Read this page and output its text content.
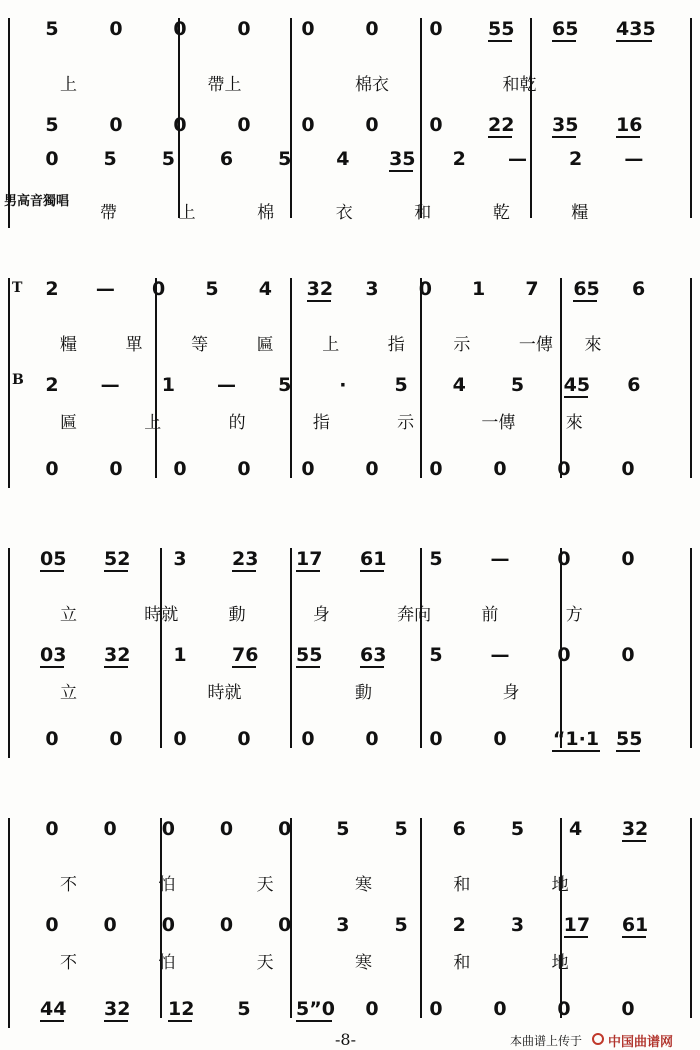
5	0	0	0	0	0	0 55 65 435
上	帶上	棉衣	和乾
5	0	0	0	0	0	0 22 35 16
0 5 5 6 5 4 35 2 — 2 —
帶	上	棉	衣	和	乾	糧
男高音獨唱
T
B
2 — 0 5 4 32 3 0 1 7 65 6
糧	單	等	匾	上	指	示	一傳 來
2 — 1 — 5	·	5 4 5 45 6
匾	上	的	指	示	一傳	來
0	0	0	0	0	0	0	0	0	0
05 52 3 23 17 61 5	—	0	0
立	時就	動	身	奔向	前	方
03 32 1 76 55 63 5	—	0	0
立	時就	動	身
0	0	0	0	0	0	0	0 “1·1 55
0 0 0 0 0 5 5 6 5 4 32
不	怕	天	寒	和	地
0 0 0 0 0 3 5 2 3 17 61
不	怕	天	寒	和	地
44 32 12 5 5”0 0	0	0	0	0
-8-	本曲谱上传于 中国曲谱网
